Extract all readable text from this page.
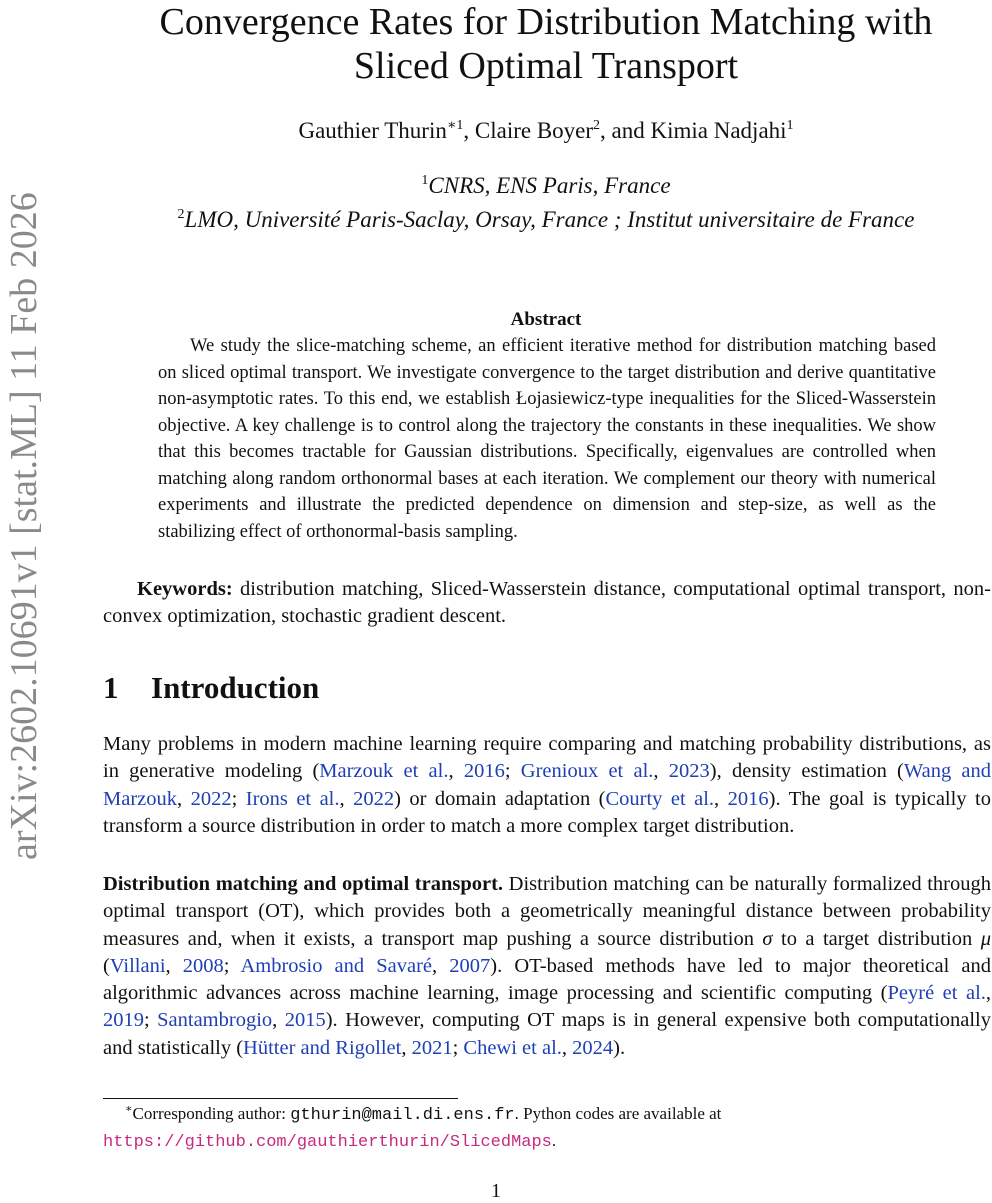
arXiv:2602.10691v1 [stat.ML] 11 Feb 2026
Convergence Rates for Distribution Matching with
Sliced Optimal Transport
Gauthier Thurin$^{∗1}$, Claire Boyer$^2$, and Kimia Nadjahi$^1$
$^1$CNRS, ENS Paris, France
$^2$LMO, Université Paris-Saclay, Orsay, France ; Institut universitaire de France
Abstract

We study the slice-matching scheme, an efficient iterative method for distribution matching based on sliced optimal transport. We investigate convergence to the target distribution and derive quantitative non-asymptotic rates. To this end, we establish Łojasiewicz-type inequalities for the Sliced-Wasserstein objective. A key challenge is to control along the trajectory the constants in these inequalities. We show that this becomes tractable for Gaussian distributions. Specifically, eigenvalues are controlled when matching along random orthonormal bases at each iteration. We complement our theory with numerical experiments and illustrate the predicted dependence on dimension and step-size, as well as the stabilizing effect of orthonormal-basis sampling.

Keywords: distribution matching, Sliced-Wasserstein distance, computational optimal transport, non-convex optimization, stochastic gradient descent.

1 Introduction

Many problems in modern machine learning require comparing and matching probability distributions, as in generative modeling (Marzouk et al., 2016; Grenioux et al., 2023), density estimation (Wang and Marzouk, 2022; Irons et al., 2022) or domain adaptation (Courty et al., 2016). The goal is typically to transform a source distribution in order to match a more complex target distribution.

Distribution matching and optimal transport. Distribution matching can be naturally formalized through optimal transport (OT), which provides both a geometrically meaningful distance between probability measures and, when it exists, a transport map pushing a source distribution σ to a target distribution μ (Villani, 2008; Ambrosio and Savaré, 2007). OT-based methods have led to major theoretical and algorithmic advances across machine learning, image processing and scientific computing (Peyré et al., 2019; Santambrogio, 2015). However, computing OT maps is in general expensive both computationally and statistically (Hütter and Rigollet, 2021; Chewi et al., 2024).

∗Corresponding author: gthurin@mail.di.ens.fr. Python codes are available at https://github.com/gauthierthurin/SlicedMaps.

1
